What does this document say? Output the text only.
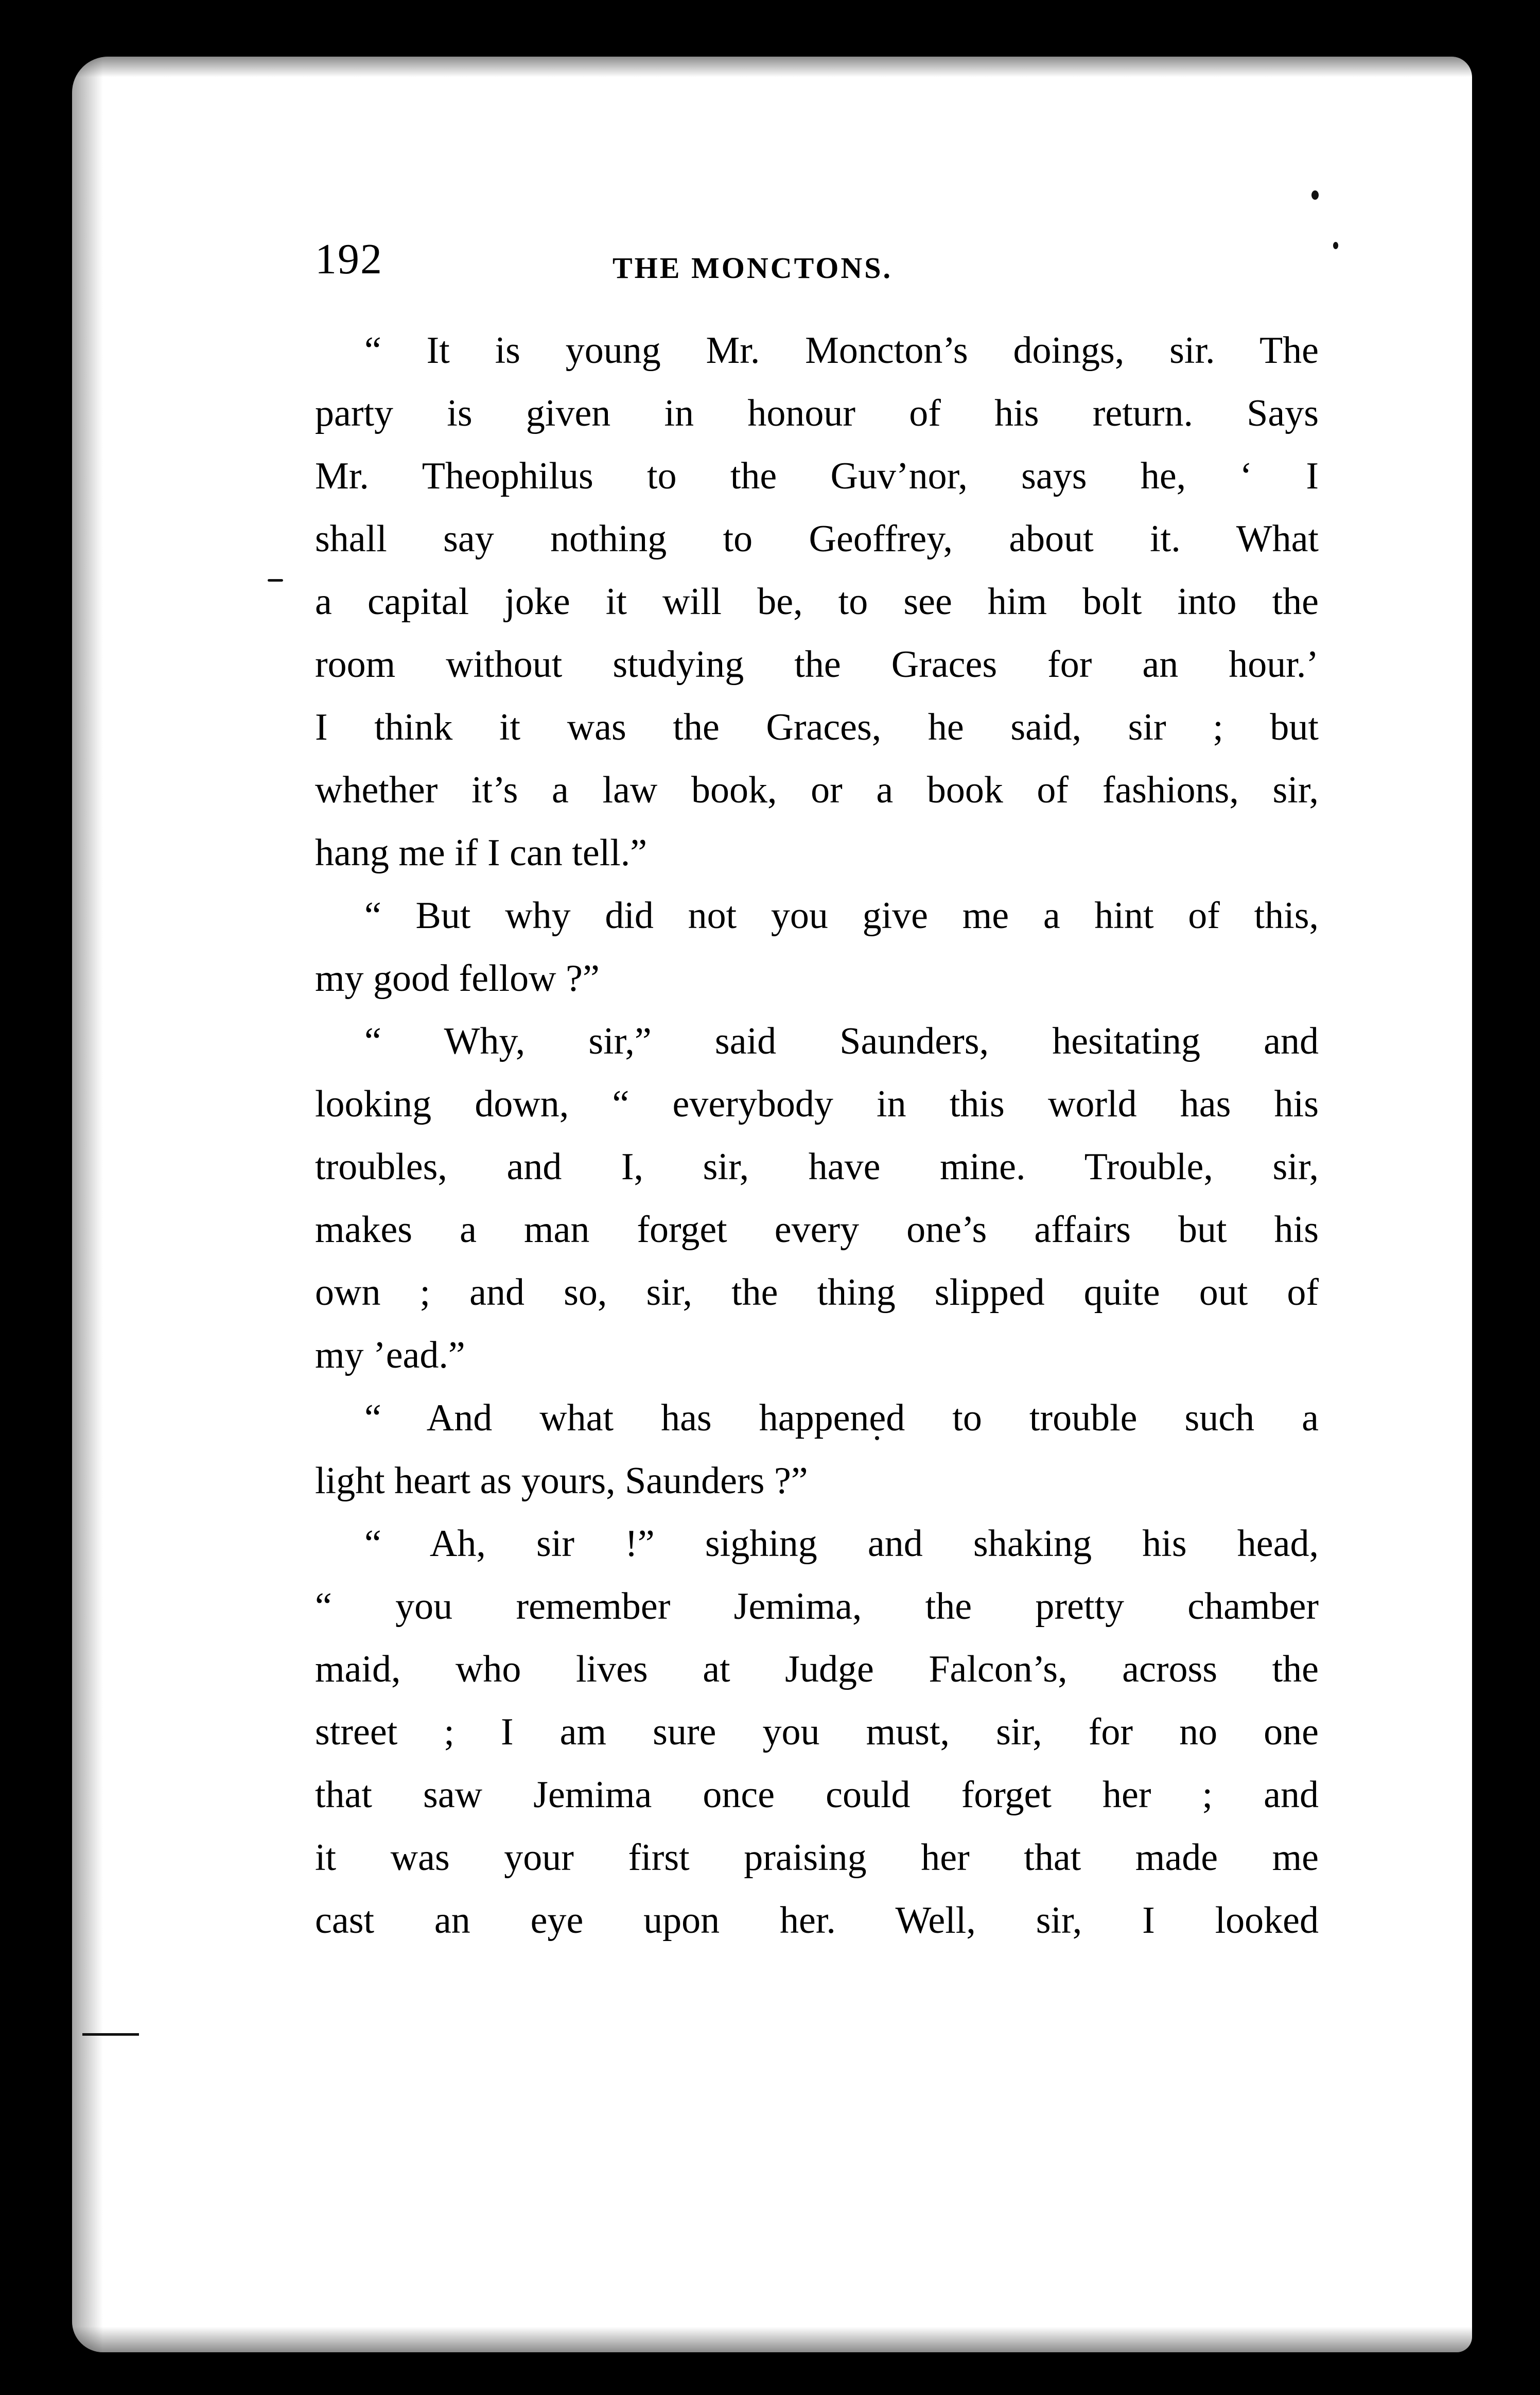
192	THE MONCTONS.
“ It is young Mr. Moncton’s doings, sir. The
party is given in honour of his return. Says
Mr. Theophilus to the Guv’nor, says he, ‘ I
shall say nothing to Geoffrey, about it. What
a capital joke it will be, to see him bolt into the
room without studying the Graces for an hour.’
I think it was the Graces, he said, sir ; but
whether it’s a law book, or a book of fashions, sir,
hang me if I can tell.”
“ But why did not you give me a hint of this,
my good fellow ?”
“ Why, sir,” said Saunders, hesitating and
looking down, “ everybody in this world has his
troubles, and I, sir, have mine. Trouble, sir,
makes a man forget every one’s affairs but his
own ; and so, sir, the thing slipped quite out of
my ’ead.”
“ And what has happened to trouble such a
light heart as yours, Saunders ?”
“ Ah, sir !” sighing and shaking his head,
“ you remember Jemima, the pretty chamber
maid, who lives at Judge Falcon’s, across the
street ; I am sure you must, sir, for no one
that saw Jemima once could forget her ; and
it was your first praising her that made me
cast an eye upon her. Well, sir, I looked
